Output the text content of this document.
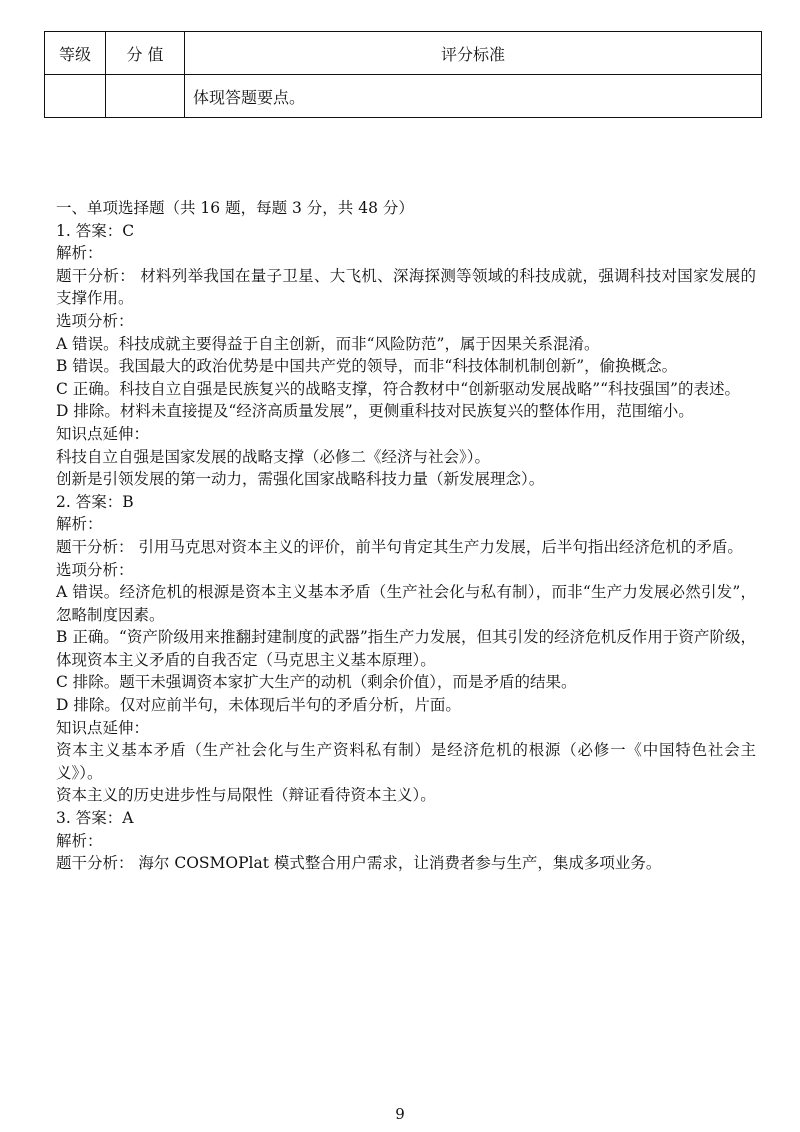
等级	分 值	评分标准
		体现答题要点。

一、单项选择题（共 16 题，每题 3 分，共 48 分）

1. 答案：C

解析：

题干分析： 材料列举我国在量子卫星、大飞机、深海探测等领域的科技成就，强调科技对国家发展的支撑作用。

选项分析：

A 错误。科技成就主要得益于自主创新，而非“风险防范”，属于因果关系混淆。

B 错误。我国最大的政治优势是中国共产党的领导，而非“科技体制机制创新”，偷换概念。

C 正确。科技自立自强是民族复兴的战略支撑，符合教材中“创新驱动发展战略”“科技强国”的表述。

D 排除。材料未直接提及“经济高质量发展”，更侧重科技对民族复兴的整体作用，范围缩小。

知识点延伸：

科技自立自强是国家发展的战略支撑（必修二《经济与社会》）。

创新是引领发展的第一动力，需强化国家战略科技力量（新发展理念）。

2. 答案：B

解析：

题干分析： 引用马克思对资本主义的评价，前半句肯定其生产力发展，后半句指出经济危机的矛盾。

选项分析：

A 错误。经济危机的根源是资本主义基本矛盾（生产社会化与私有制），而非“生产力发展必然引发”，忽略制度因素。

B 正确。“资产阶级用来推翻封建制度的武器”指生产力发展，但其引发的经济危机反作用于资产阶级，体现资本主义矛盾的自我否定（马克思主义基本原理）。

C 排除。题干未强调资本家扩大生产的动机（剩余价值），而是矛盾的结果。

D 排除。仅对应前半句，未体现后半句的矛盾分析，片面。

知识点延伸：

资本主义基本矛盾（生产社会化与生产资料私有制）是经济危机的根源（必修一《中国特色社会主义》）。

资本主义的历史进步性与局限性（辩证看待资本主义）。

3. 答案：A

解析：

题干分析： 海尔 COSMOPlat 模式整合用户需求，让消费者参与生产，集成多项业务。

9
